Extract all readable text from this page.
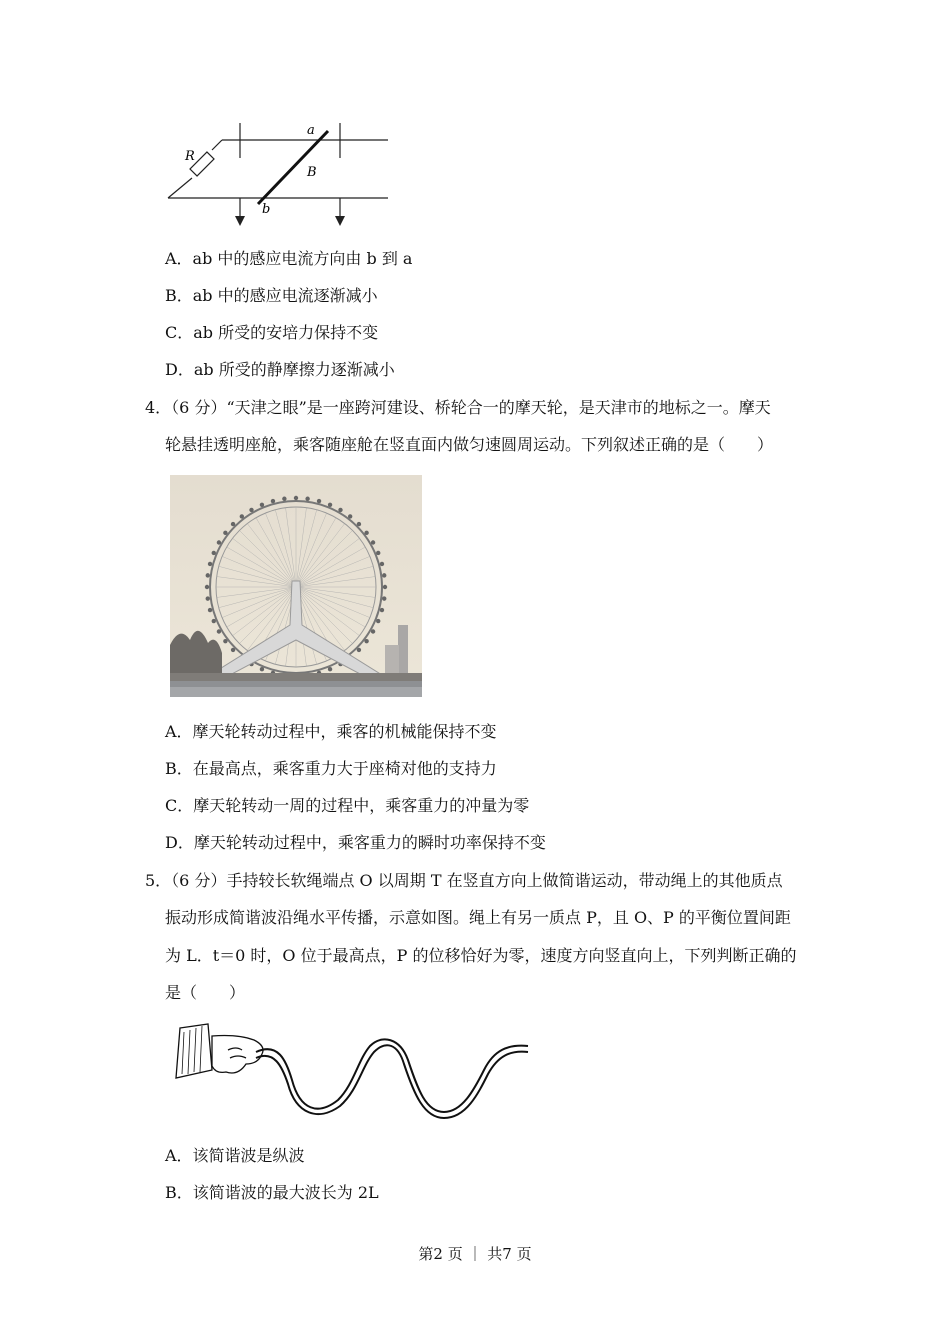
R
a
B
b
A．ab 中的感应电流方向由 b 到 a
B．ab 中的感应电流逐渐减小
C．ab 所受的安培力保持不变
D．ab 所受的静摩擦力逐渐减小
4．（6 分）“天津之眼”是一座跨河建设、桥轮合一的摩天轮，是天津市的地标之一。摩天
轮悬挂透明座舱，乘客随座舱在竖直面内做匀速圆周运动。下列叙述正确的是（　　）
A．摩天轮转动过程中，乘客的机械能保持不变
B．在最高点，乘客重力大于座椅对他的支持力
C．摩天轮转动一周的过程中，乘客重力的冲量为零
D．摩天轮转动过程中，乘客重力的瞬时功率保持不变
5．（6 分）手持较长软绳端点 O 以周期 T 在竖直方向上做简谐运动，带动绳上的其他质点
振动形成简谐波沿绳水平传播，示意如图。绳上有另一质点 P，且 O、P 的平衡位置间距
为 L．t＝0 时，O 位于最高点，P 的位移恰好为零，速度方向竖直向上，下列判断正确的
是（　　）
A．该简谐波是纵波
B．该简谐波的最大波长为 2L
第2 页 ｜ 共7 页
